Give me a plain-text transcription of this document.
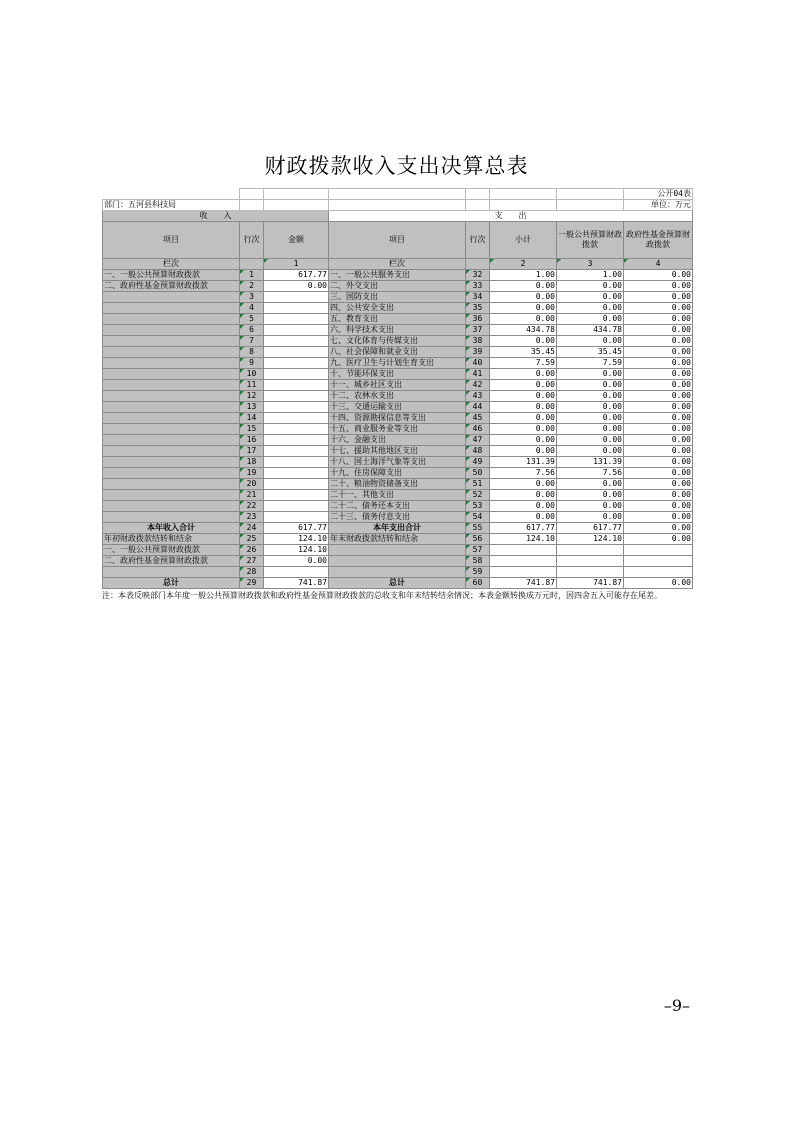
财政拨款收入支出决算总表
							公开04表
部门：五河县科技局							单位：万元
收　　入			支　　出				
项目	行次	金额	项目	行次	小计	一般公共预算财政拨款	政府性基金预算财政拨款
栏次		1	栏次		2	3	4
一、一般公共预算财政拨款	1	617.77	一、一般公共服务支出	32	1.00	1.00	0.00
二、政府性基金预算财政拨款	2	0.00	二、外交支出	33	0.00	0.00	0.00
	3		三、国防支出	34	0.00	0.00	0.00
	4		四、公共安全支出	35	0.00	0.00	0.00
	5		五、教育支出	36	0.00	0.00	0.00
	6		六、科学技术支出	37	434.78	434.78	0.00
	7		七、文化体育与传媒支出	38	0.00	0.00	0.00
	8		八、社会保障和就业支出	39	35.45	35.45	0.00
	9		九、医疗卫生与计划生育支出	40	7.59	7.59	0.00
	10		十、节能环保支出	41	0.00	0.00	0.00
	11		十一、城乡社区支出	42	0.00	0.00	0.00
	12		十二、农林水支出	43	0.00	0.00	0.00
	13		十三、交通运输支出	44	0.00	0.00	0.00
	14		十四、资源勘探信息等支出	45	0.00	0.00	0.00
	15		十五、商业服务业等支出	46	0.00	0.00	0.00
	16		十六、金融支出	47	0.00	0.00	0.00
	17		十七、援助其他地区支出	48	0.00	0.00	0.00
	18		十八、国土海洋气象等支出	49	131.39	131.39	0.00
	19		十九、住房保障支出	50	7.56	7.56	0.00
	20		二十、粮油物资储备支出	51	0.00	0.00	0.00
	21		二十一、其他支出	52	0.00	0.00	0.00
	22		二十二、债务还本支出	53	0.00	0.00	0.00
	23		二十三、债务付息支出	54	0.00	0.00	0.00
本年收入合计	24	617.77	本年支出合计	55	617.77	617.77	0.00
年初财政拨款结转和结余	25	124.10	年末财政拨款结转和结余	56	124.10	124.10	0.00
一、一般公共预算财政拨款	26	124.10		57			
二、政府性基金预算财政拨款	27	0.00		58			
	28			59			
总计	29	741.87	总计	60	741.87	741.87	0.00
注：本表反映部门本年度一般公共预算财政拨款和政府性基金预算财政拨款的总收支和年末结转结余情况；本表金额转换成万元时，因四舍五入可能存在尾差。
–9–
